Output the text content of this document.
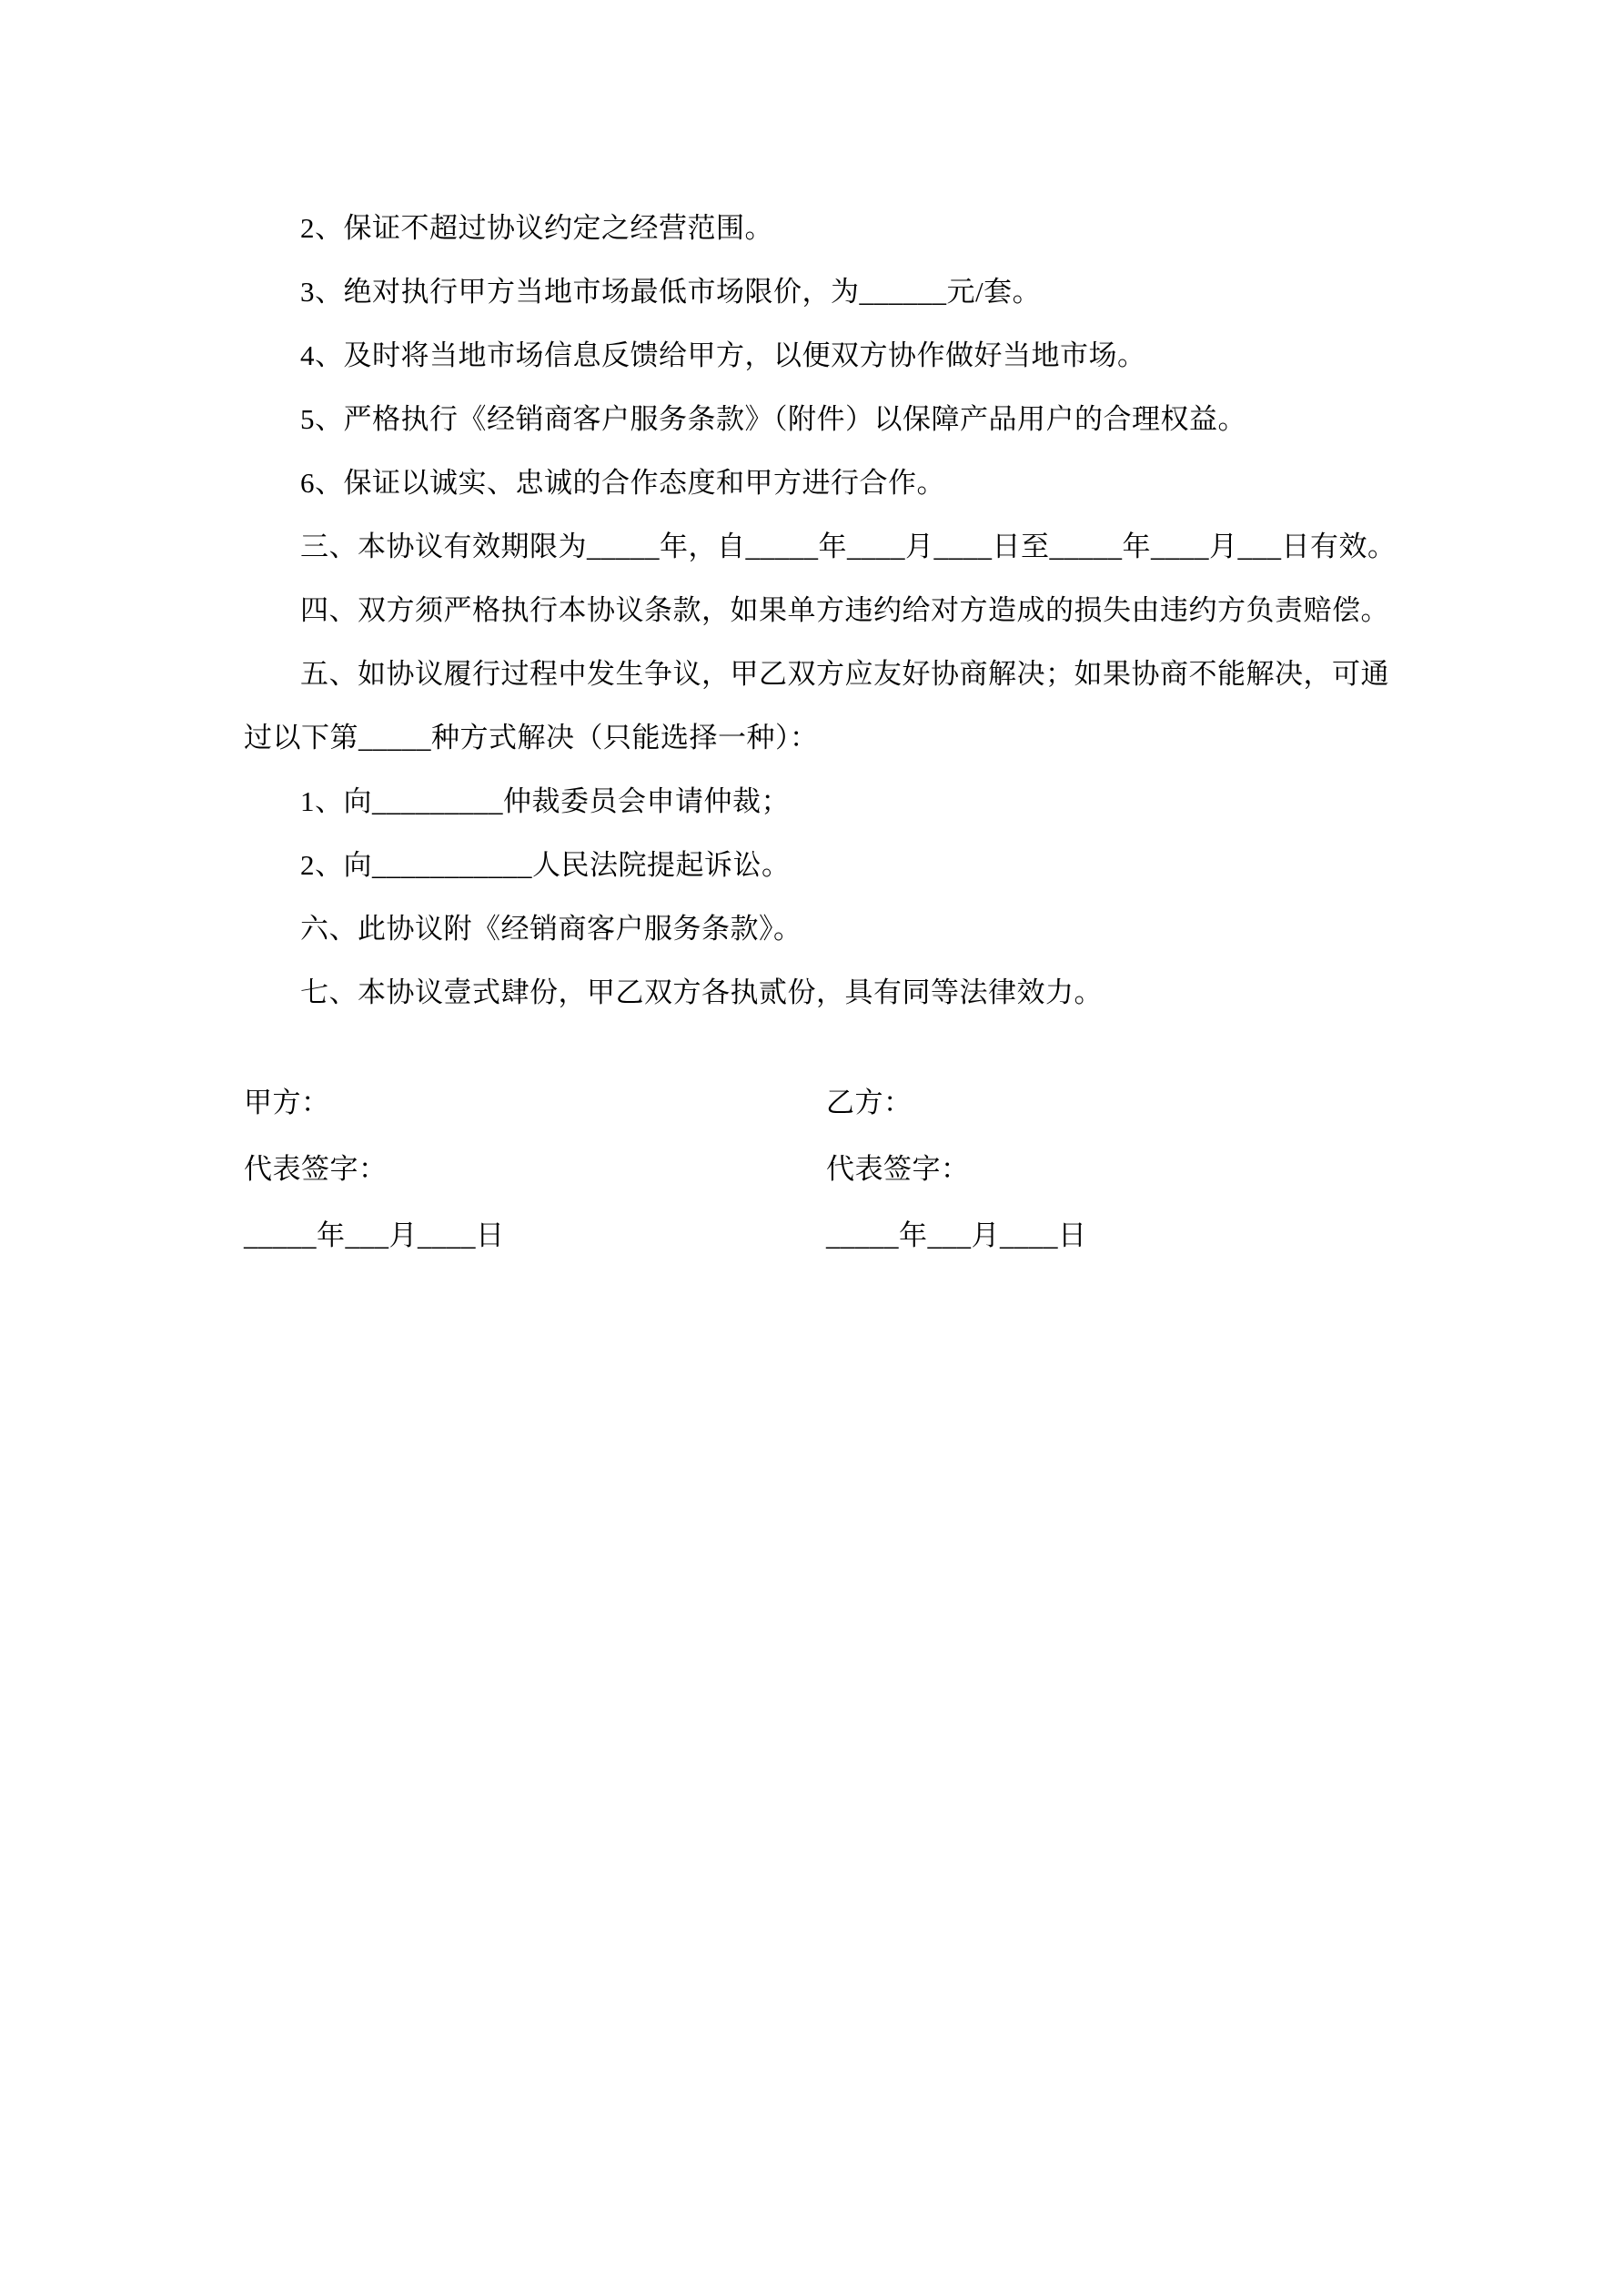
2、保证不超过协议约定之经营范围。

3、绝对执行甲方当地市场最低市场限价，为______元/套。

4、及时将当地市场信息反馈给甲方，以便双方协作做好当地市场。

5、严格执行《经销商客户服务条款》（附件）以保障产品用户的合理权益。

6、保证以诚实、忠诚的合作态度和甲方进行合作。

三、本协议有效期限为_____年，自_____年____月____日至_____年____月___日有效。

四、双方须严格执行本协议条款，如果单方违约给对方造成的损失由违约方负责赔偿。

五、如协议履行过程中发生争议，甲乙双方应友好协商解决；如果协商不能解决，可通

过以下第_____种方式解决（只能选择一种）：

1、向_________仲裁委员会申请仲裁；

2、向___________人民法院提起诉讼。

六、此协议附《经销商客户服务条款》。

七、本协议壹式肆份，甲乙双方各执贰份，具有同等法律效力。

甲方：	乙方：
代表签字：	代表签字：
_____年___月____日	_____年___月____日
